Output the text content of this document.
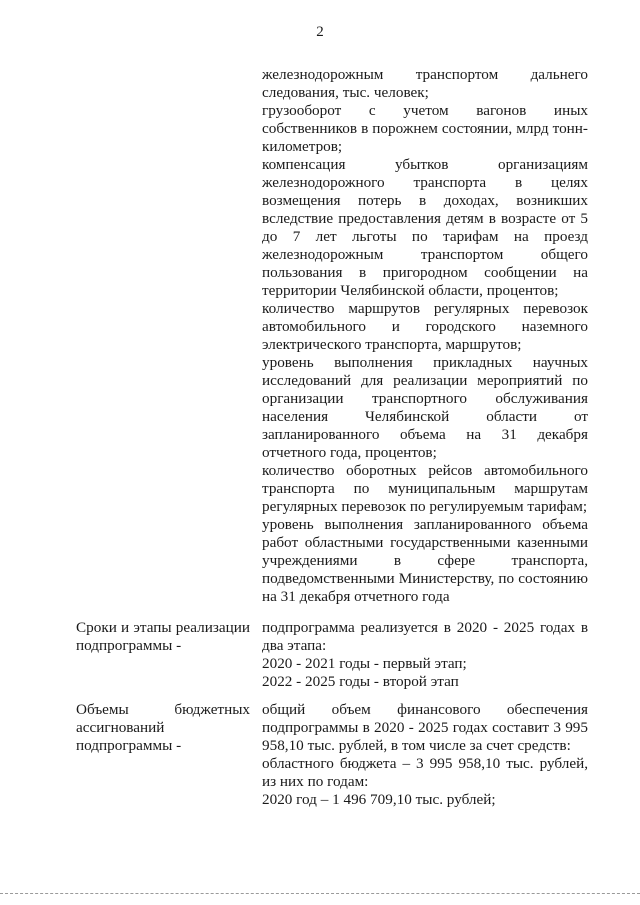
2

железнодорожным транспортом дальнего следования, тыс. человек;

грузооборот с учетом вагонов иных собственников в порожнем состоянии, млрд тонн-километров;

компенсация убытков организациям железнодорожного транспорта в целях возмещения потерь в доходах, возникших вследствие предоставления детям в возрасте от 5 до 7 лет льготы по тарифам на проезд железнодорожным транспортом общего пользования в пригородном сообщении на территории Челябинской области, процентов;

количество маршрутов регулярных перевозок автомобильного и городского наземного электрического транспорта, маршрутов;

уровень выполнения прикладных научных исследований для реализации мероприятий по организации транспортного обслуживания населения Челябинской области от запланированного объема на 31 декабря отчетного года, процентов;

количество оборотных рейсов автомобильного транспорта по муниципальным маршрутам регулярных перевозок по регулируемым тарифам;

уровень выполнения запланированного объема работ областными государственными казенными учреждениями в сфере транспорта, подведомственными Министерству, по состоянию на 31 декабря отчетного года

Сроки и этапы реализации подпрограммы -
подпрограмма реализуется в 2020 - 2025 годах в два этапа:
2020 - 2021 годы - первый этап;
2022 - 2025 годы - второй этап
Объемы бюджетных ассигнований подпрограммы -
общий объем финансового обеспечения подпрограммы в 2020 - 2025 годах составит 3 995 958,10 тыс. рублей, в том числе за счет средств:
областного бюджета – 3 995 958,10 тыс. рублей, из них по годам:
2020 год – 1 496 709,10 тыс. рублей;
